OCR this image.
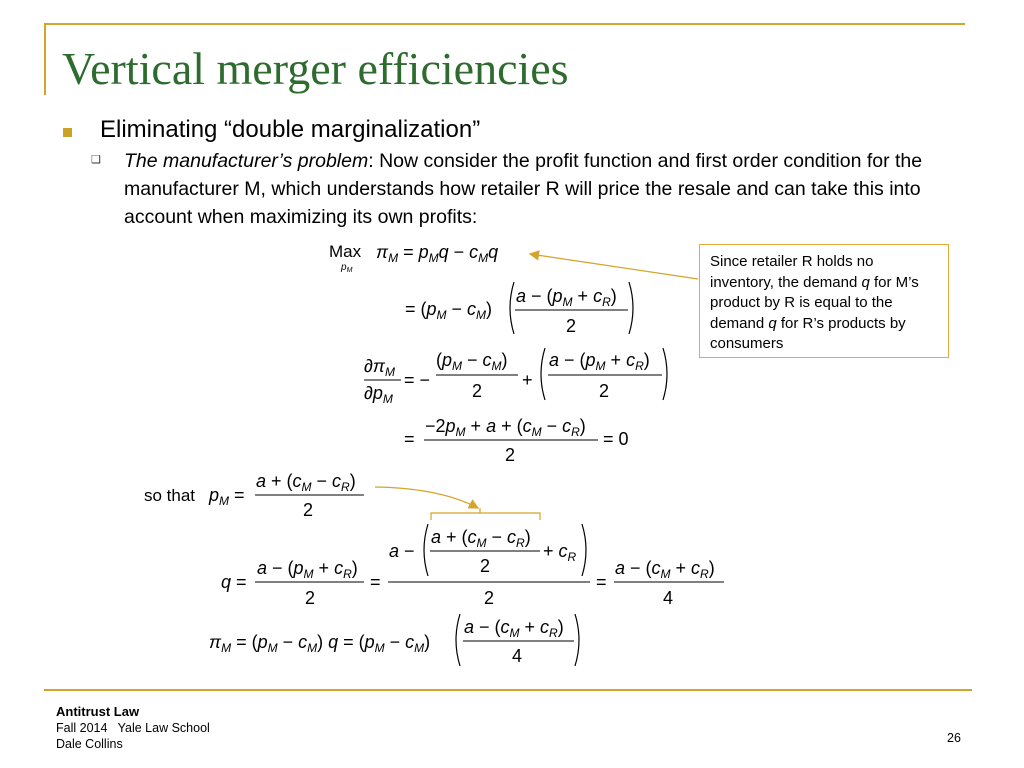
Vertical merger efficiencies
Eliminating “double marginalization”
❑ The manufacturer’s problem: Now consider the profit function and first order condition for the manufacturer M, which understands how retailer R will price the resale and can take this into account when maximizing its own profits:
Max
$p_M$
$\pi_M = p_Mq - c_Mq$
= $(p_M - c_M)$
$a - (p_M + c_R)$
2
$\partial\pi_M$
$\partial p_M$
= −
$(p_M - c_M)$
2
+
$a - (p_M + c_R)$
2
=
$-2p_M + a + (c_M - c_R)$
2
= 0
so that $p_M$ =
$a + (c_M - c_R)$
2
q =
$a - (p_M + c_R)$
2
=
a −
$a + (c_M - c_R)$
2
+ $c_R$
2
=
$a - (c_M + c_R)$
4
$\pi_M = (p_M - c_M) q = (p_M - c_M)$
$a - (c_M + c_R)$
4
Since retailer R holds no inventory, the demand q for M’s product by R is equal to the demand q for R’s products by consumers
Antitrust Law
Fall 2014   Yale Law School
Dale Collins	26
